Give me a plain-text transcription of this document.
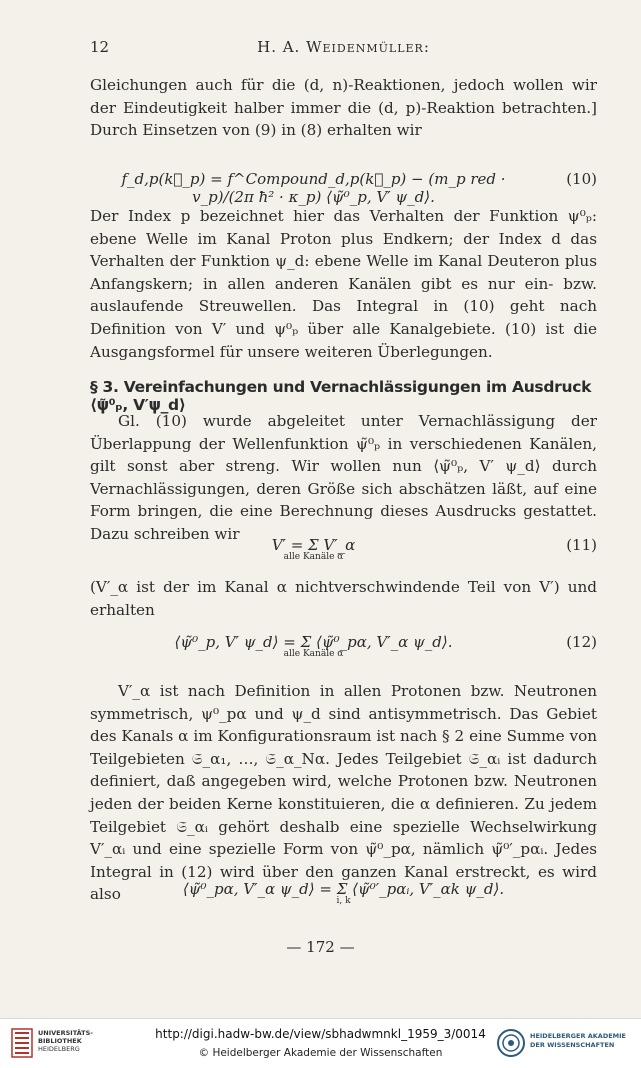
12	H. A. Weidenmüller:
Gleichungen auch für die (d, n)-Reaktionen, jedoch wollen wir der Eindeutigkeit halber immer die (d, p)-Reaktion betrachten.] Durch Einsetzen von (9) in (8) erhalten wir
f_d,p(k⃗_p) = f^Compound_d,p(k⃗_p) − (m_p red · v_p)/(2π ħ² · κ_p) ⟨ψ̃⁰_p, V′ ψ_d⟩.
(10)
Der Index p bezeichnet hier das Verhalten der Funktion ψ⁰ₚ: ebene Welle im Kanal Proton plus Endkern; der Index d das Verhalten der Funktion ψ_d: ebene Welle im Kanal Deuteron plus Anfangskern; in allen anderen Kanälen gibt es nur ein- bzw. auslaufende Streuwellen. Das Integral in (10) geht nach Definition von V′ und ψ⁰ₚ über alle Kanalgebiete. (10) ist die Ausgangsformel für unsere weiteren Überlegungen.
§ 3. Vereinfachungen und Vernachlässigungen im Ausdruck ⟨ψ̃⁰ₚ, V′ψ_d⟩
Gl. (10) wurde abgeleitet unter Vernachlässigung der Überlappung der Wellenfunktion ψ̃⁰ₚ in verschiedenen Kanälen, gilt sonst aber streng. Wir wollen nun ⟨ψ̃⁰ₚ, V′ ψ_d⟩ durch Vernachlässigungen, deren Größe sich abschätzen läßt, auf eine Form bringen, die eine Berechnung dieses Ausdrucks gestattet. Dazu schreiben wir
V′ = Σ V′_α
alle Kanäle α
(11)
(V′_α ist der im Kanal α nichtverschwindende Teil von V′) und erhalten
⟨ψ̃⁰_p, V′ ψ_d⟩ = Σ ⟨ψ̃⁰_pα, V′_α ψ_d⟩.
alle Kanäle α
(12)
V′_α ist nach Definition in allen Protonen bzw. Neutronen symmetrisch, ψ⁰_pα und ψ_d sind antisymmetrisch. Das Gebiet des Kanals α im Konfigurationsraum ist nach § 2 eine Summe von Teilgebieten 𝔖_α₁, …, 𝔖_α_Nα. Jedes Teilgebiet 𝔖_αᵢ ist dadurch definiert, daß angegeben wird, welche Protonen bzw. Neutronen jeden der beiden Kerne konstituieren, die α definieren. Zu jedem Teilgebiet 𝔖_αᵢ gehört deshalb eine spezielle Wechselwirkung V′_αᵢ und eine spezielle Form von ψ̃⁰_pα, nämlich ψ̃⁰′_pαᵢ. Jedes Integral in (12) wird über den ganzen Kanal erstreckt, es wird also	⟨ψ̃⁰_pα, V′_α ψ_d⟩ = Σ ⟨ψ̃⁰′_pαᵢ, V′_αk ψ_d⟩.
i, k
— 172 —
UNIVERSITÄTS-
BIBLIOTHEK
HEIDELBERG
http://digi.hadw-bw.de/view/sbhadwmnkl_1959_3/0014
© Heidelberger Akademie der Wissenschaften
HEIDELBERGER AKADEMIE
DER WISSENSCHAFTEN
